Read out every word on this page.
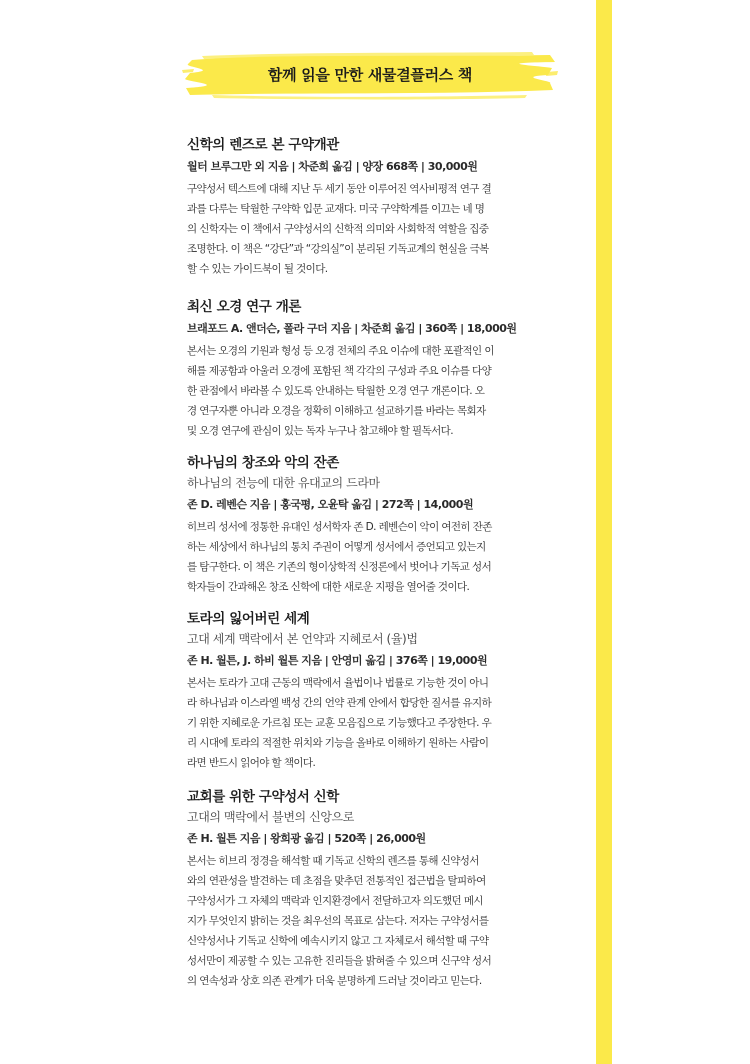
함께 읽을 만한 새물결플러스 책
신학의 렌즈로 본 구약개관
월터 브루그만 외 지음 | 차준희 옮김 | 양장 668쪽 | 30,000원
구약성서 텍스트에 대해 지난 두 세기 동안 이루어진 역사비평적 연구 결
과를 다루는 탁월한 구약학 입문 교재다. 미국 구약학계를 이끄는 네 명
의 신학자는 이 책에서 구약성서의 신학적 의미와 사회학적 역할을 집중
조명한다. 이 책은 “강단”과 “강의실”이 분리된 기독교계의 현실을 극복
할 수 있는 가이드북이 될 것이다.
최신 오경 연구 개론
브래포드 A. 앤더슨, 폴라 구더 지음 | 차준희 옮김 | 360쪽 | 18,000원
본서는 오경의 기원과 형성 등 오경 전체의 주요 이슈에 대한 포괄적인 이
해를 제공함과 아울러 오경에 포함된 책 각각의 구성과 주요 이슈를 다양
한 관점에서 바라볼 수 있도록 안내하는 탁월한 오경 연구 개론이다. 오
경 연구자뿐 아니라 오경을 정확히 이해하고 설교하기를 바라는 목회자
및 오경 연구에 관심이 있는 독자 누구나 참고해야 할 필독서다.
하나님의 창조와 악의 잔존
하나님의 전능에 대한 유대교의 드라마
존 D. 레벤슨 지음 | 홍국평, 오윤탁 옮김 | 272쪽 | 14,000원
히브리 성서에 정통한 유대인 성서학자 존 D. 레벤슨이 악이 여전히 잔존
하는 세상에서 하나님의 통치 주권이 어떻게 성서에서 증언되고 있는지
를 탐구한다. 이 책은 기존의 형이상학적 신정론에서 벗어나 기독교 성서
학자들이 간과해온 창조 신학에 대한 새로운 지평을 열어줄 것이다.
토라의 잃어버린 세계
고대 세계 맥락에서 본 언약과 지혜로서 (율)법
존 H. 월튼, J. 하비 월튼 지음 | 안영미 옮김 | 376쪽 | 19,000원
본서는 토라가 고대 근동의 맥락에서 율법이나 법률로 기능한 것이 아니
라 하나님과 이스라엘 백성 간의 언약 관계 안에서 합당한 질서를 유지하
기 위한 지혜로운 가르침 또는 교훈 모음집으로 기능했다고 주장한다. 우
리 시대에 토라의 적절한 위치와 기능을 올바로 이해하기 원하는 사람이
라면 반드시 읽어야 할 책이다.
교회를 위한 구약성서 신학
고대의 맥락에서 불변의 신앙으로
존 H. 월튼 지음 | 왕희광 옮김 | 520쪽 | 26,000원
본서는 히브리 정경을 해석할 때 기독교 신학의 렌즈를 통해 신약성서
와의 연관성을 발견하는 데 초점을 맞추던 전통적인 접근법을 탈피하여
구약성서가 그 자체의 맥락과 인지환경에서 전달하고자 의도했던 메시
지가 무엇인지 밝히는 것을 최우선의 목표로 삼는다. 저자는 구약성서를
신약성서나 기독교 신학에 예속시키지 않고 그 자체로서 해석할 때 구약
성서만이 제공할 수 있는 고유한 진리들을 밝혀줄 수 있으며 신구약 성서
의 연속성과 상호 의존 관계가 더욱 분명하게 드러날 것이라고 믿는다.
